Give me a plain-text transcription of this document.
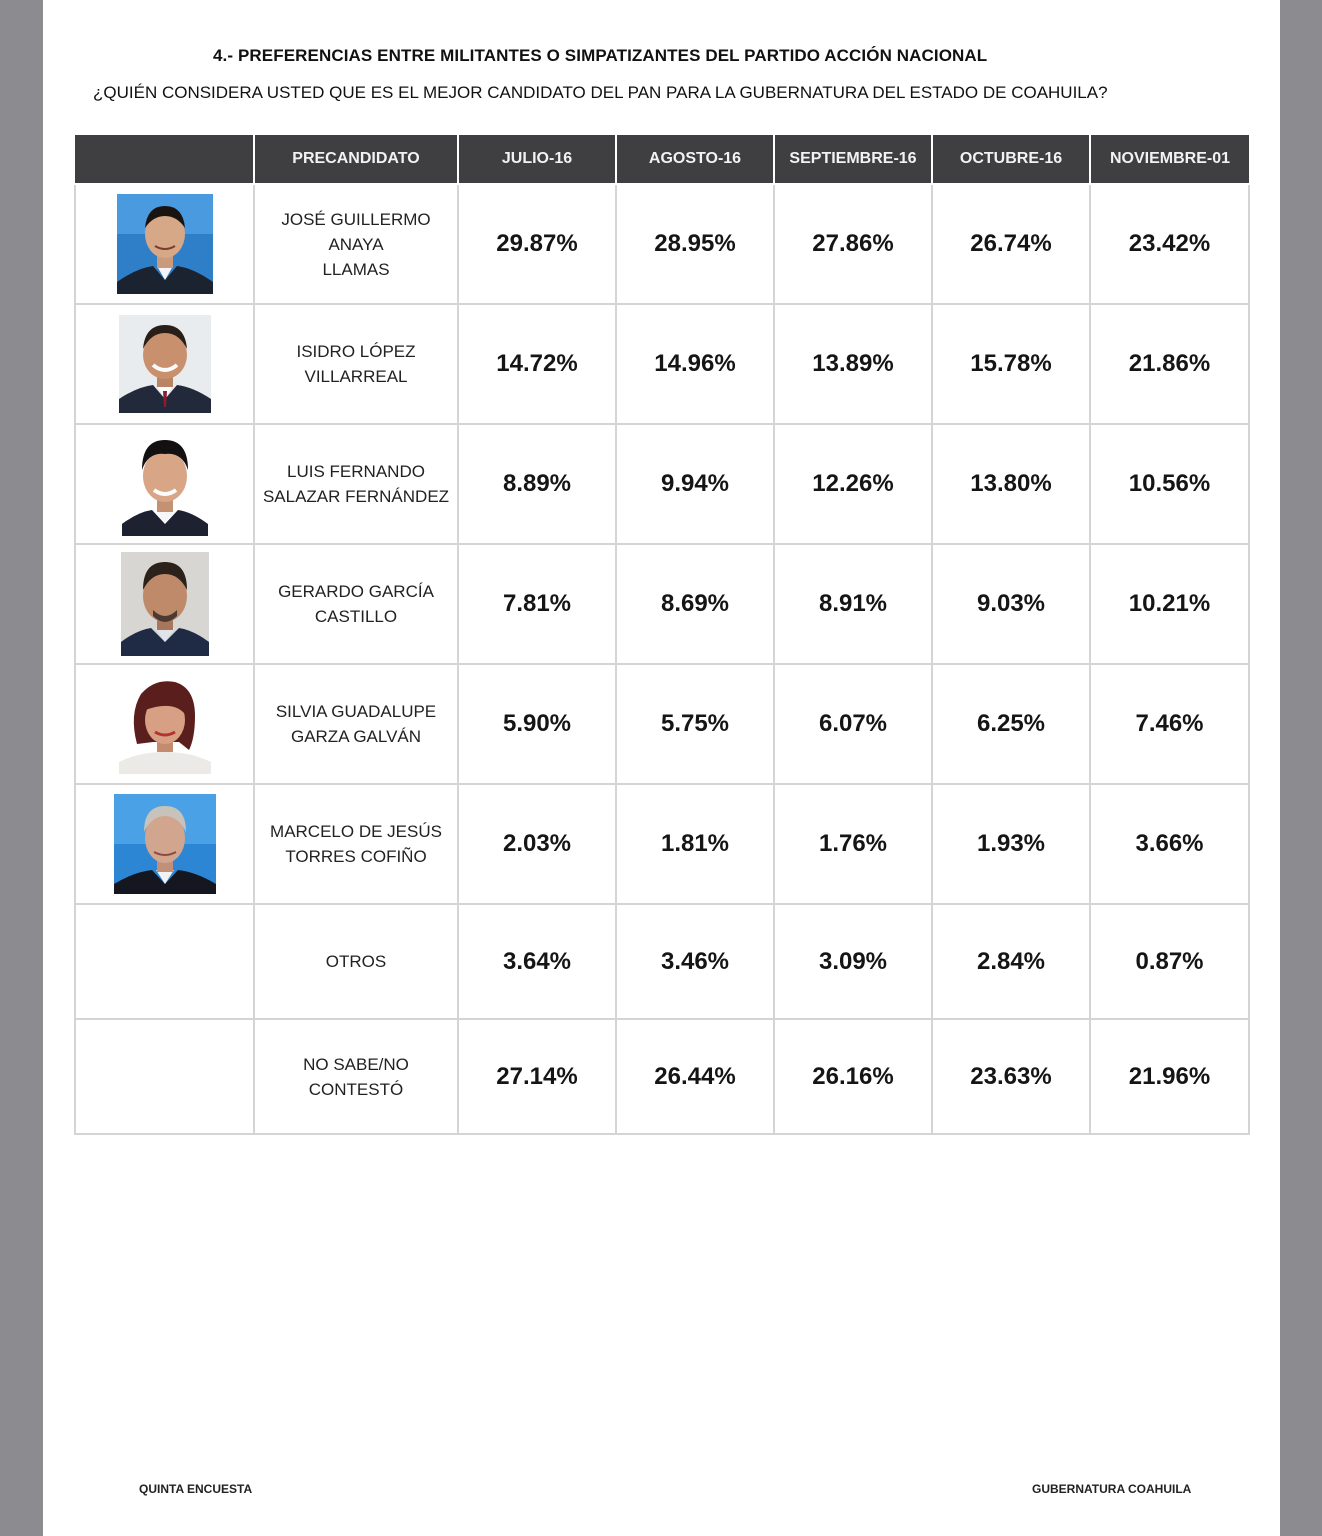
4.- PREFERENCIAS ENTRE MILITANTES O SIMPATIZANTES DEL PARTIDO ACCIÓN NACIONAL
¿QUIÉN CONSIDERA USTED QUE ES EL MEJOR CANDIDATO DEL PAN PARA LA GUBERNATURA DEL ESTADO DE COAHUILA?
	PRECANDIDATO	JULIO-16	AGOSTO-16	SEPTIEMBRE-16	OCTUBRE-16	NOVIEMBRE-01

	JOSÉ GUILLERMO ANAYA
LLAMAS	29.87%	28.95%	27.86%	26.74%	23.42%

	ISIDRO LÓPEZ
VILLARREAL	14.72%	14.96%	13.89%	15.78%	21.86%

	LUIS FERNANDO
SALAZAR FERNÁNDEZ	8.89%	9.94%	12.26%	13.80%	10.56%

	GERARDO GARCÍA
CASTILLO	7.81%	8.69%	8.91%	9.03%	10.21%

	SILVIA GUADALUPE
GARZA GALVÁN	5.90%	5.75%	6.07%	6.25%	7.46%

	MARCELO DE JESÚS
TORRES COFIÑO	2.03%	1.81%	1.76%	1.93%	3.66%
	OTROS	3.64%	3.46%	3.09%	2.84%	0.87%
	NO SABE/NO
CONTESTÓ	27.14%	26.44%	26.16%	23.63%	21.96%
QUINTA ENCUESTA	GUBERNATURA COAHUILA
